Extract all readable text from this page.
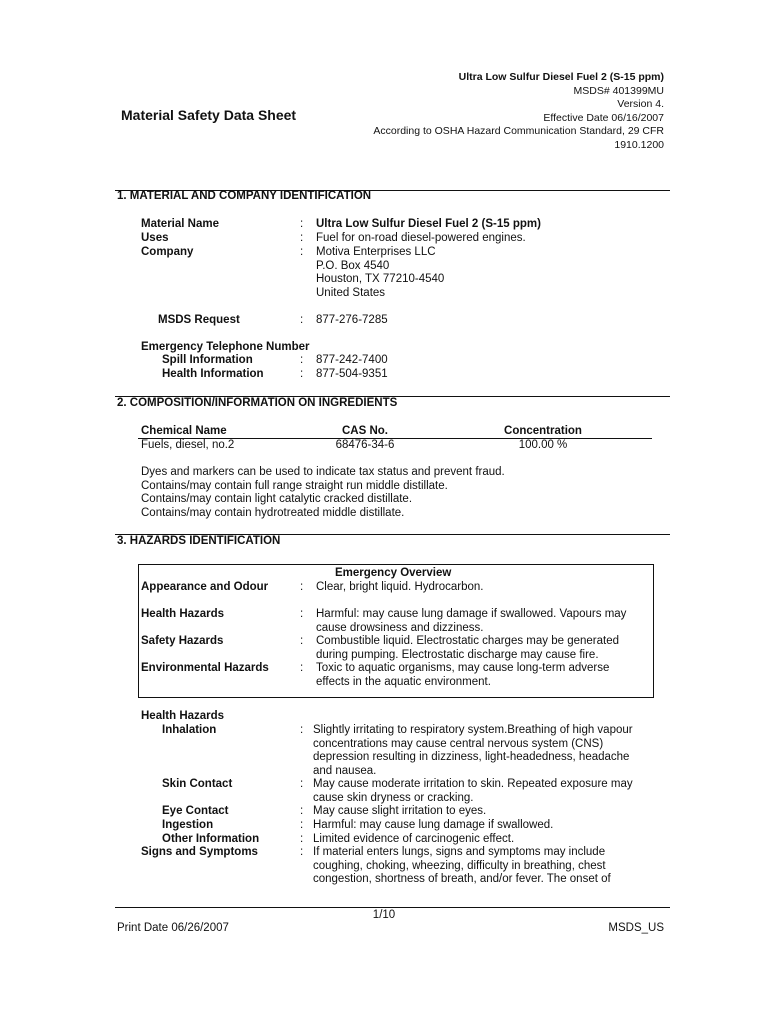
Ultra Low Sulfur Diesel Fuel 2 (S-15 ppm)
MSDS# 401399MU
Version 4.
Effective Date 06/16/2007
According to OSHA Hazard Communication Standard, 29 CFR
1910.1200
Material Safety Data Sheet
1. MATERIAL AND COMPANY IDENTIFICATION
Material Name	: Ultra Low Sulfur Diesel Fuel 2 (S-15 ppm)
Uses	: Fuel for on-road diesel-powered engines.
Company	: Motiva Enterprises LLC
P.O. Box 4540
Houston, TX 77210-4540
United States
MSDS Request	: 877-276-7285
Emergency Telephone Number
Spill Information	: 877-242-7400
Health Information	: 877-504-9351
2. COMPOSITION/INFORMATION ON INGREDIENTS
Chemical Name	CAS No.	Concentration
Fuels, diesel, no.2	68476-34-6	100.00 %
Dyes and markers can be used to indicate tax status and prevent fraud.
Contains/may contain full range straight run middle distillate.
Contains/may contain light catalytic cracked distillate.
Contains/may contain hydrotreated middle distillate.
3. HAZARDS IDENTIFICATION
Emergency Overview
Appearance and Odour	: Clear, bright liquid. Hydrocarbon.
Health Hazards	: Harmful: may cause lung damage if swallowed. Vapours may cause drowsiness and dizziness.
Safety Hazards	: Combustible liquid. Electrostatic charges may be generated during pumping. Electrostatic discharge may cause fire.
Environmental Hazards	: Toxic to aquatic organisms, may cause long-term adverse effects in the aquatic environment.
Health Hazards
Inhalation	: Slightly irritating to respiratory system.Breathing of high vapour concentrations may cause central nervous system (CNS) depression resulting in dizziness, light-headedness, headache and nausea.
Skin Contact	: May cause moderate irritation to skin. Repeated exposure may cause skin dryness or cracking.
Eye Contact	: May cause slight irritation to eyes.
Ingestion	: Harmful: may cause lung damage if swallowed.
Other Information	: Limited evidence of carcinogenic effect.
Signs and Symptoms	: If material enters lungs, signs and symptoms may include coughing, choking, wheezing, difficulty in breathing, chest congestion, shortness of breath, and/or fever. The onset of
1/10
Print Date 06/26/2007	MSDS_US
